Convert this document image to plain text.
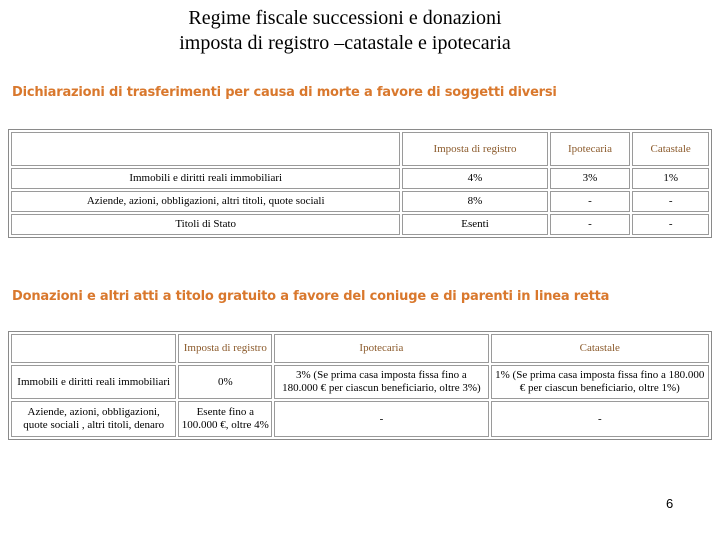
Regime fiscale successioni e donazioni
imposta di registro –catastale e ipotecaria
Dichiarazioni di trasferimenti per causa di morte a favore di soggetti diversi
	Imposta di registro	Ipotecaria	Catastale
Immobili e diritti reali immobiliari	4%	3%	1%
Aziende, azioni, obbligazioni, altri titoli, quote sociali	8%	-	-
Titoli di Stato	Esenti	-	-
Donazioni e altri atti a titolo gratuito a favore del coniuge e di parenti in linea retta
	Imposta di registro	Ipotecaria	Catastale
Immobili e diritti reali immobiliari	0%	3% (Se prima casa imposta fissa fino a 180.000 € per ciascun beneficiario, oltre 3%)	1% (Se prima casa imposta fissa fino a 180.000 € per ciascun beneficiario, oltre 1%)
Aziende, azioni, obbligazioni, quote sociali , altri titoli, denaro	Esente fino a 100.000 €, oltre 4%	-	-
6
